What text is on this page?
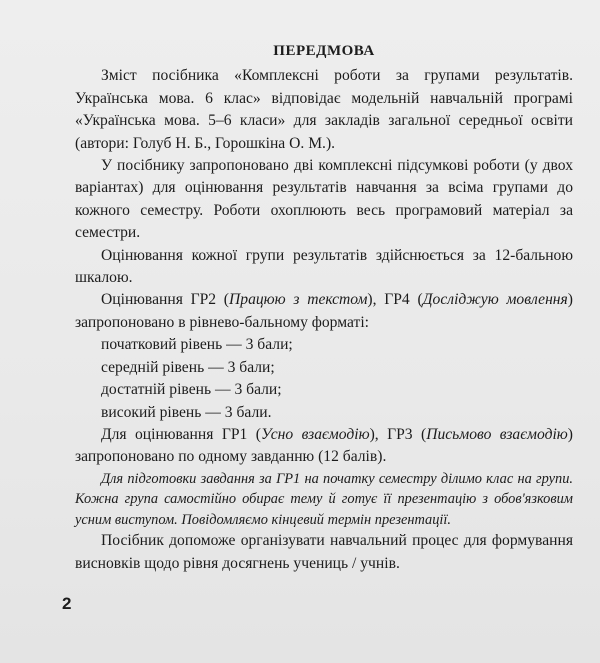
ПЕРЕДМОВА

Зміст посібника «Комплексні роботи за групами результатів. Українська мова. 6 клас» відповідає модельній навчальній програмі «Українська мова. 5–6 класи» для закладів загальної середньої освіти (автори: Голуб Н. Б., Горошкіна О. М.).

У посібнику запропоновано дві комплексні підсумкові роботи (у двох варіантах) для оцінювання результатів навчання за всіма групами до кожного семестру. Роботи охоплюють весь програмовий матеріал за семестри.

Оцінювання кожної групи результатів здійснюється за 12-бальною шкалою.

Оцінювання ГР2 (Працюю з текстом), ГР4 (Досліджую мовлення) запропоновано в рівнево-бальному форматі:

початковий рівень — 3 бали;
середній рівень — 3 бали;
достатній рівень — 3 бали;
високий рівень — 3 бали.

Для оцінювання ГР1 (Усно взаємодію), ГР3 (Письмово взаємодію) запропоновано по одному завданню (12 балів).

Для підготовки завдання за ГР1 на початку семестру ділимо клас на групи. Кожна група самостійно обирає тему й готує її презентацію з обов'язковим усним виступом. Повідомляємо кінцевий термін презентації.

Посібник допоможе організувати навчальний процес для формування висновків щодо рівня досягнень учениць / учнів.

2
